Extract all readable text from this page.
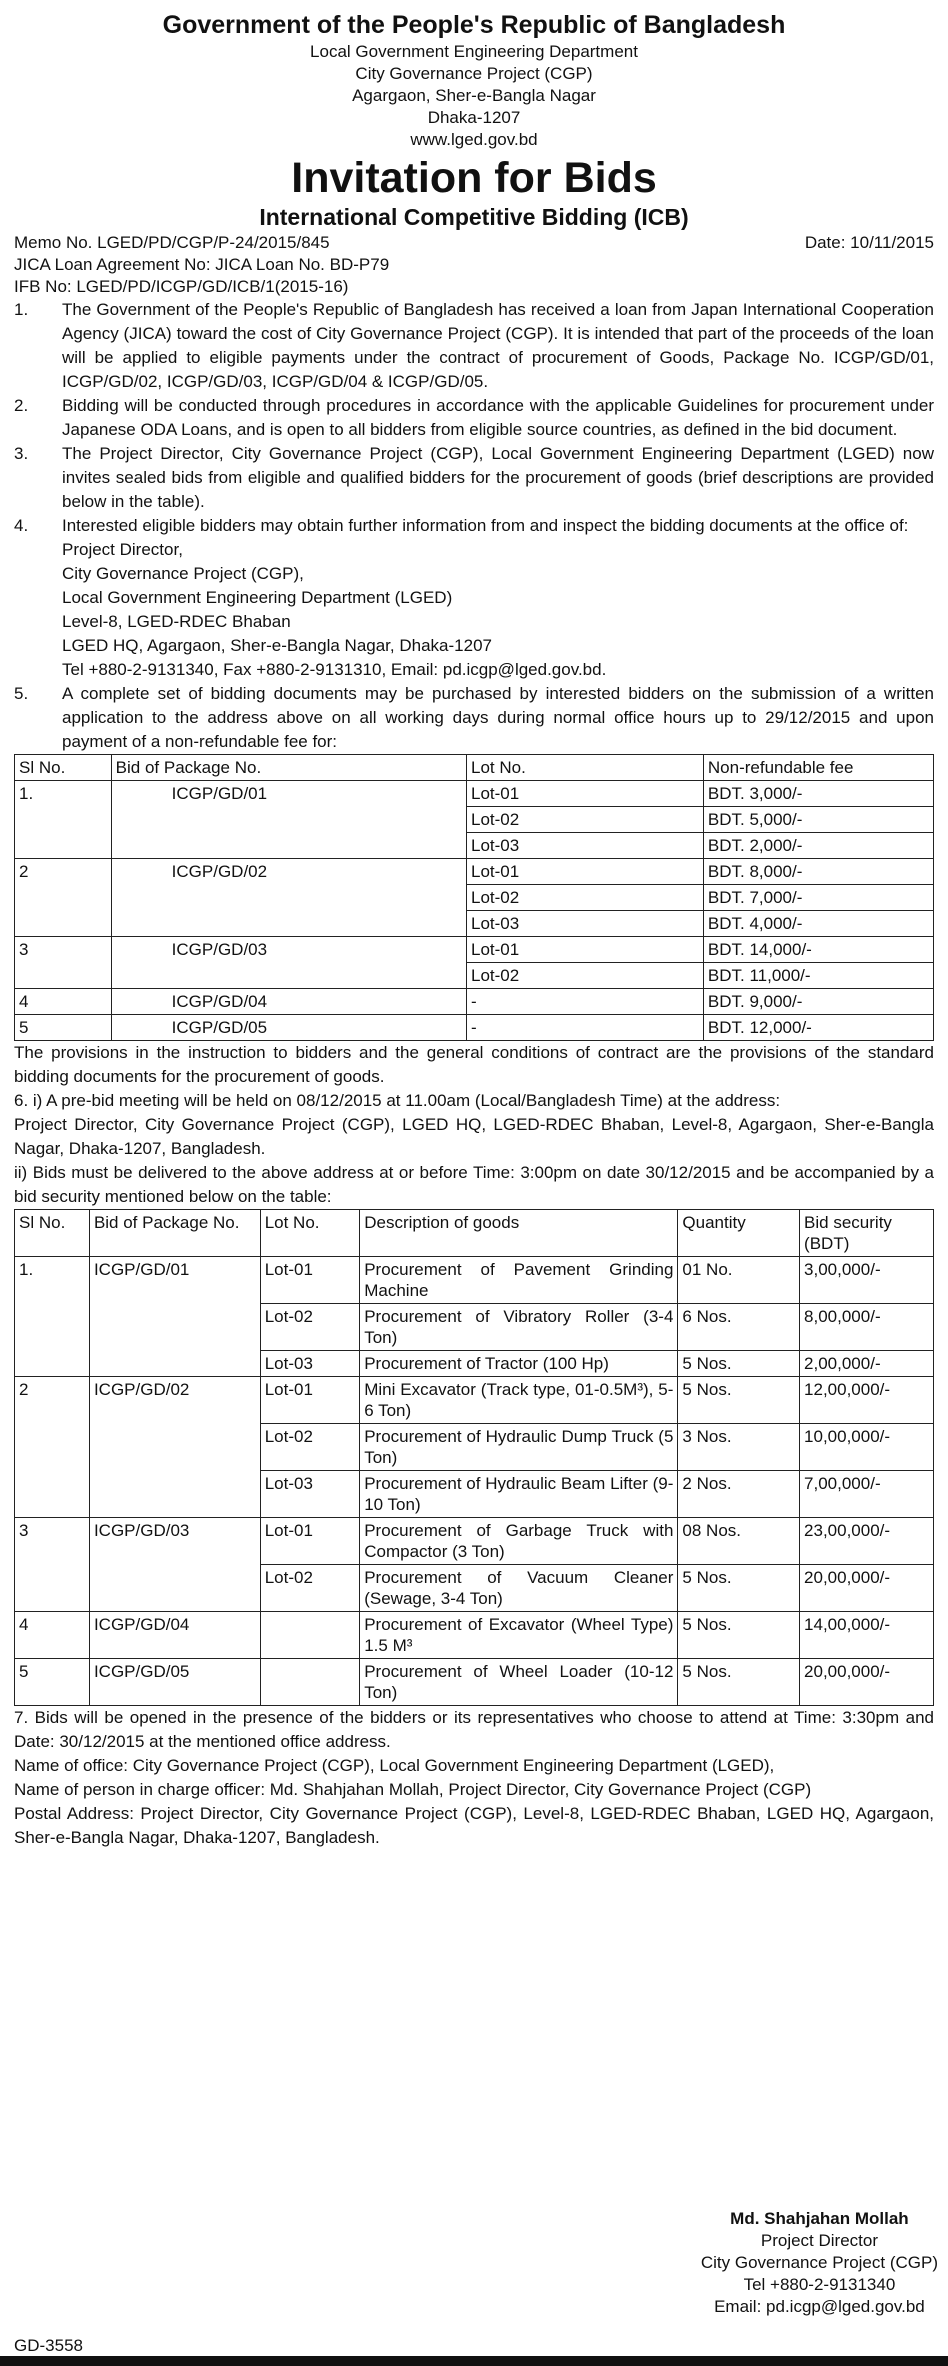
Government of the People's Republic of Bangladesh
Local Government Engineering Department
City Governance Project (CGP)
Agargaon, Sher-e-Bangla Nagar
Dhaka-1207
www.lged.gov.bd
Invitation for Bids
International Competitive Bidding (ICB)
Memo No. LGED/PD/CGP/P-24/2015/845	Date: 10/11/2015
JICA Loan Agreement No: JICA Loan No. BD-P79
IFB No: LGED/PD/ICGP/GD/ICB/1(2015-16)
1.	The Government of the People's Republic of Bangladesh has received a loan from Japan International Cooperation Agency (JICA) toward the cost of City Governance Project (CGP). It is intended that part of the proceeds of the loan will be applied to eligible payments under the contract of procurement of Goods, Package No. ICGP/GD/01, ICGP/GD/02, ICGP/GD/03, ICGP/GD/04 & ICGP/GD/05.
2.	Bidding will be conducted through procedures in accordance with the applicable Guidelines for procurement under Japanese ODA Loans, and is open to all bidders from eligible source countries, as defined in the bid document.
3.	The Project Director, City Governance Project (CGP), Local Government Engineering Department (LGED) now invites sealed bids from eligible and qualified bidders for the procurement of goods (brief descriptions are provided below in the table).
4.	Interested eligible bidders may obtain further information from and inspect the bidding documents at the office of:
Project Director,
City Governance Project (CGP),
Local Government Engineering Department (LGED)
Level-8, LGED-RDEC Bhaban
LGED HQ, Agargaon, Sher-e-Bangla Nagar, Dhaka-1207
Tel +880-2-9131340, Fax +880-2-9131310, Email: pd.icgp@lged.gov.bd.
5.	A complete set of bidding documents may be purchased by interested bidders on the submission of a written application to the address above on all working days during normal office hours up to 29/12/2015 and upon payment of a non-refundable fee for:
Sl No.	Bid of Package No.	Lot No.	Non-refundable fee
1.	ICGP/GD/01	Lot-01	BDT. 3,000/-
		Lot-02	BDT. 5,000/-
		Lot-03	BDT. 2,000/-
2	ICGP/GD/02	Lot-01	BDT. 8,000/-
		Lot-02	BDT. 7,000/-
		Lot-03	BDT. 4,000/-
3	ICGP/GD/03	Lot-01	BDT. 14,000/-
		Lot-02	BDT. 11,000/-
4	ICGP/GD/04	-	BDT. 9,000/-
5	ICGP/GD/05	-	BDT. 12,000/-
The provisions in the instruction to bidders and the general conditions of contract are the provisions of the standard bidding documents for the procurement of goods.
6. i) A pre-bid meeting will be held on 08/12/2015 at 11.00am (Local/Bangladesh Time) at the address:
Project Director, City Governance Project (CGP), LGED HQ, LGED-RDEC Bhaban, Level-8, Agargaon, Sher-e-Bangla Nagar, Dhaka-1207, Bangladesh.
ii) Bids must be delivered to the above address at or before Time: 3:00pm on date 30/12/2015 and be accompanied by a bid security mentioned below on the table:
Sl No.	Bid of Package No.	Lot No.	Description of goods	Quantity	Bid security (BDT)
1.	ICGP/GD/01	Lot-01	Procurement of Pavement Grinding Machine	01 No.	3,00,000/-
		Lot-02	Procurement of Vibratory Roller (3-4 Ton)	6 Nos.	8,00,000/-
		Lot-03	Procurement of Tractor (100 Hp)	5 Nos.	2,00,000/-
2	ICGP/GD/02	Lot-01	Mini Excavator (Track type, 01-0.5M³), 5-6 Ton)	5 Nos.	12,00,000/-
		Lot-02	Procurement of Hydraulic Dump Truck (5 Ton)	3 Nos.	10,00,000/-
		Lot-03	Procurement of Hydraulic Beam Lifter (9-10 Ton)	2 Nos.	7,00,000/-
3	ICGP/GD/03	Lot-01	Procurement of Garbage Truck with Compactor (3 Ton)	08 Nos.	23,00,000/-
		Lot-02	Procurement of Vacuum Cleaner (Sewage, 3-4 Ton)	5 Nos.	20,00,000/-
4	ICGP/GD/04		Procurement of Excavator (Wheel Type) 1.5 M³	5 Nos.	14,00,000/-
5	ICGP/GD/05		Procurement of Wheel Loader (10-12 Ton)	5 Nos.	20,00,000/-
7. Bids will be opened in the presence of the bidders or its representatives who choose to attend at Time: 3:30pm and Date: 30/12/2015 at the mentioned office address.
Name of office: City Governance Project (CGP), Local Government Engineering Department (LGED),
Name of person in charge officer: Md. Shahjahan Mollah, Project Director, City Governance Project (CGP)
Postal Address: Project Director, City Governance Project (CGP), Level-8, LGED-RDEC Bhaban, LGED HQ, Agargaon, Sher-e-Bangla Nagar, Dhaka-1207, Bangladesh.
Md. Shahjahan Mollah
Project Director
City Governance Project (CGP)
Tel +880-2-9131340
Email: pd.icgp@lged.gov.bd
GD-3558
